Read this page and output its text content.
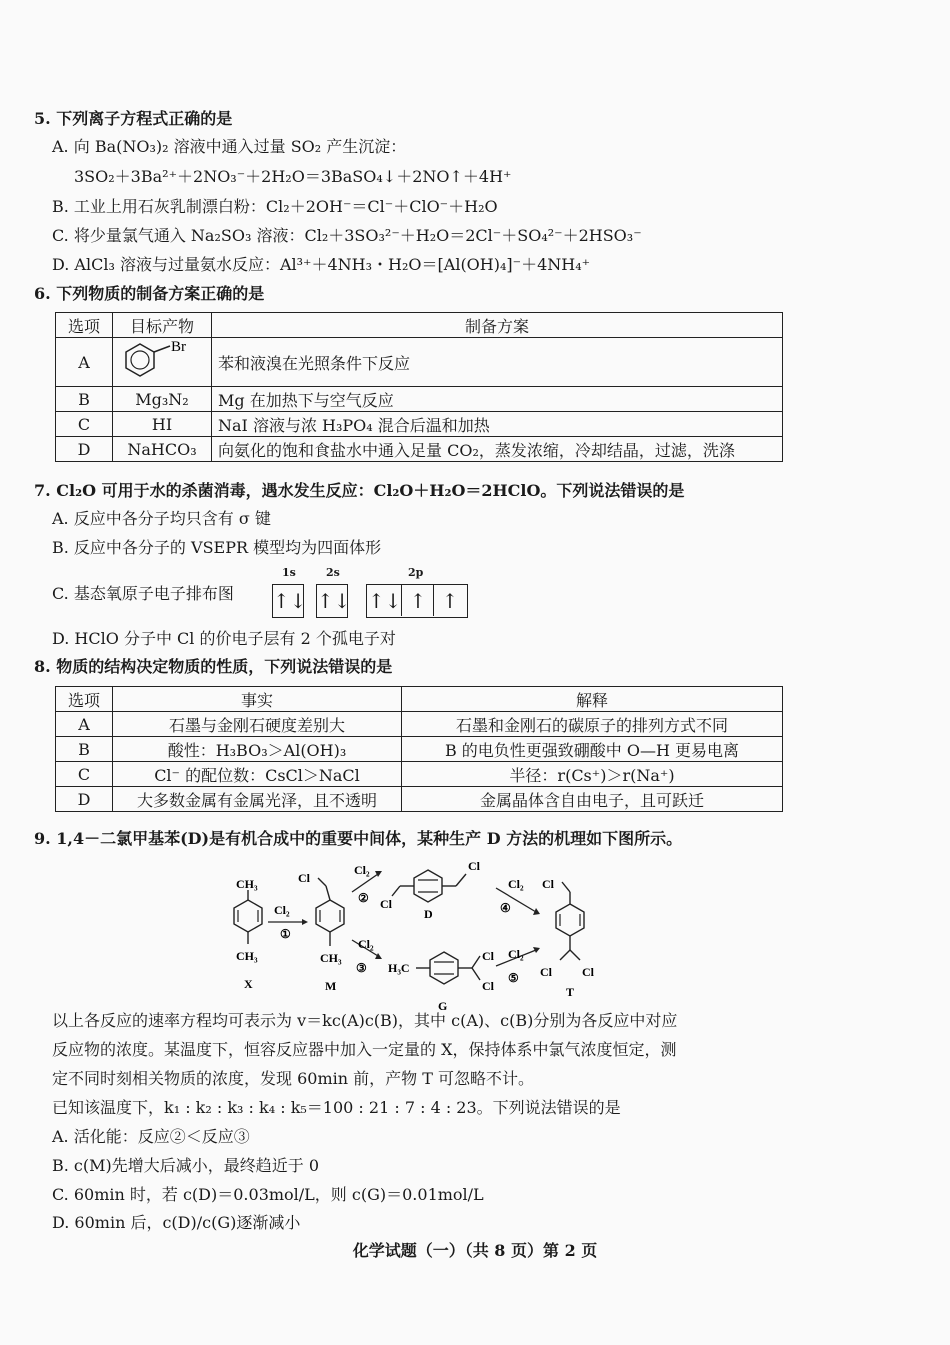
5. 下列离子方程式正确的是
A. 向 Ba(NO₃)₂ 溶液中通入过量 SO₂ 产生沉淀：
3SO₂＋3Ba²⁺＋2NO₃⁻＋2H₂O＝3BaSO₄↓＋2NO↑＋4H⁺
B. 工业上用石灰乳制漂白粉：Cl₂＋2OH⁻＝Cl⁻＋ClO⁻＋H₂O
C. 将少量氯气通入 Na₂SO₃ 溶液：Cl₂＋3SO₃²⁻＋H₂O＝2Cl⁻＋SO₄²⁻＋2HSO₃⁻
D. AlCl₃ 溶液与过量氨水反应：Al³⁺＋4NH₃・H₂O＝[Al(OH)₄]⁻＋4NH₄⁺
6. 下列物质的制备方案正确的是
选项	目标产物	制备方案
A	Br	苯和液溴在光照条件下反应
B	Mg₃N₂	Mg 在加热下与空气反应
C	HI	NaI 溶液与浓 H₃PO₄ 混合后温和加热
D	NaHCO₃	向氨化的饱和食盐水中通入足量 CO₂，蒸发浓缩，冷却结晶，过滤，洗涤
7. Cl₂O 可用于水的杀菌消毒，遇水发生反应：Cl₂O＋H₂O＝2HClO。下列说法错误的是
A. 反应中各分子均只含有 σ 键
B. 反应中各分子的 VSEPR 模型均为四面体形
C. 基态氧原子电子排布图
1s	2s	2p
↑↓ ↑↓ ↑↓ ↑ ↑
D. HClO 分子中 Cl 的价电子层有 2 个孤电子对
8. 物质的结构决定物质的性质，下列说法错误的是
选项	事实	解释
A	石墨与金刚石硬度差别大	石墨和金刚石的碳原子的排列方式不同
B	酸性：H₃BO₃＞Al(OH)₃	B 的电负性更强致硼酸中 O—H 更易电离
C	Cl⁻ 的配位数：CsCl＞NaCl	半径：r(Cs⁺)＞r(Na⁺)
D	大多数金属有金属光泽，且不透明	金属晶体含自由电子，且可跃迁
9. 1,4－二氯甲基苯(D)是有机合成中的重要中间体，某种生产 D 方法的机理如下图所示。
CH₃
CH₃
X
Cl₂
①
Cl
CH₃
M
Cl₂
② Cl
Cl
D
Cl₂
④
Cl
Cl	Cl
T
Cl₂
③ H₃C
Cl
Cl
G
Cl₂
⑤
以上各反应的速率方程均可表示为 v＝kc(A)c(B)，其中 c(A)、c(B)分别为各反应中对应
反应物的浓度。某温度下，恒容反应器中加入一定量的 X，保持体系中氯气浓度恒定，测
定不同时刻相关物质的浓度，发现 60min 前，产物 T 可忽略不计。
已知该温度下，k₁ : k₂ : k₃ : k₄ : k₅＝100 : 21 : 7 : 4 : 23。下列说法错误的是
A. 活化能：反应②＜反应③
B. c(M)先增大后减小，最终趋近于 0
C. 60min 时，若 c(D)＝0.03mol/L，则 c(G)＝0.01mol/L
D. 60min 后，c(D)/c(G)逐渐减小
化学试题（一）（共 8 页）第 2 页
